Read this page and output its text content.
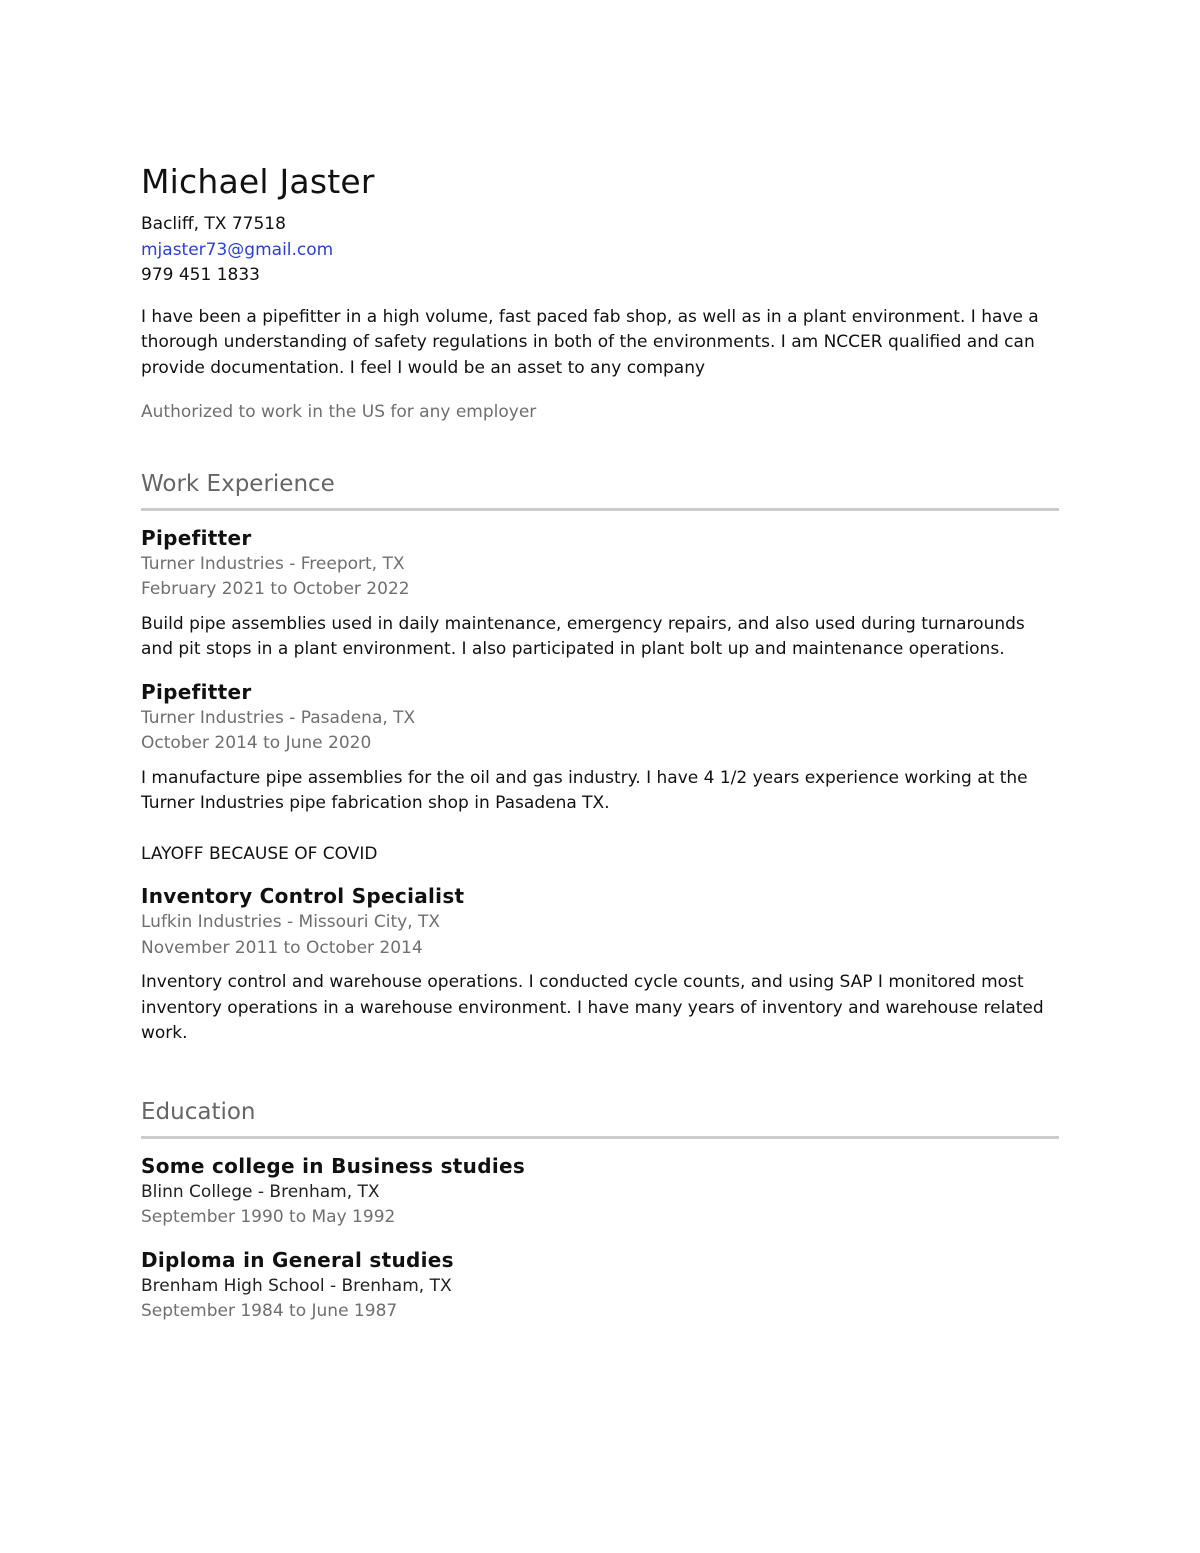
Michael Jaster

Bacliff, TX 77518

mjaster73@gmail.com

979 451 1833

I have been a pipefitter in a high volume, fast paced fab shop, as well as in a plant environment. I have a thorough understanding of safety regulations in both of the environments. I am NCCER qualified and can provide documentation. I feel I would be an asset to any company

Authorized to work in the US for any employer

Work Experience
Pipefitter

Turner Industries - Freeport, TX

February 2021 to October 2022

Build pipe assemblies used in daily maintenance, emergency repairs, and also used during turnarounds and pit stops in a plant environment. I also participated in plant bolt up and maintenance operations.

Pipefitter

Turner Industries - Pasadena, TX

October 2014 to June 2020

I manufacture pipe assemblies for the oil and gas industry. I have 4 1/2 years experience working at the Turner Industries pipe fabrication shop in Pasadena TX.

LAYOFF BECAUSE OF COVID

Inventory Control Specialist

Lufkin Industries - Missouri City, TX

November 2011 to October 2014

Inventory control and warehouse operations. I conducted cycle counts, and using SAP I monitored most inventory operations in a warehouse environment. I have many years of inventory and warehouse related work.

Education
Some college in Business studies

Blinn College - Brenham, TX

September 1990 to May 1992

Diploma in General studies

Brenham High School - Brenham, TX

September 1984 to June 1987
